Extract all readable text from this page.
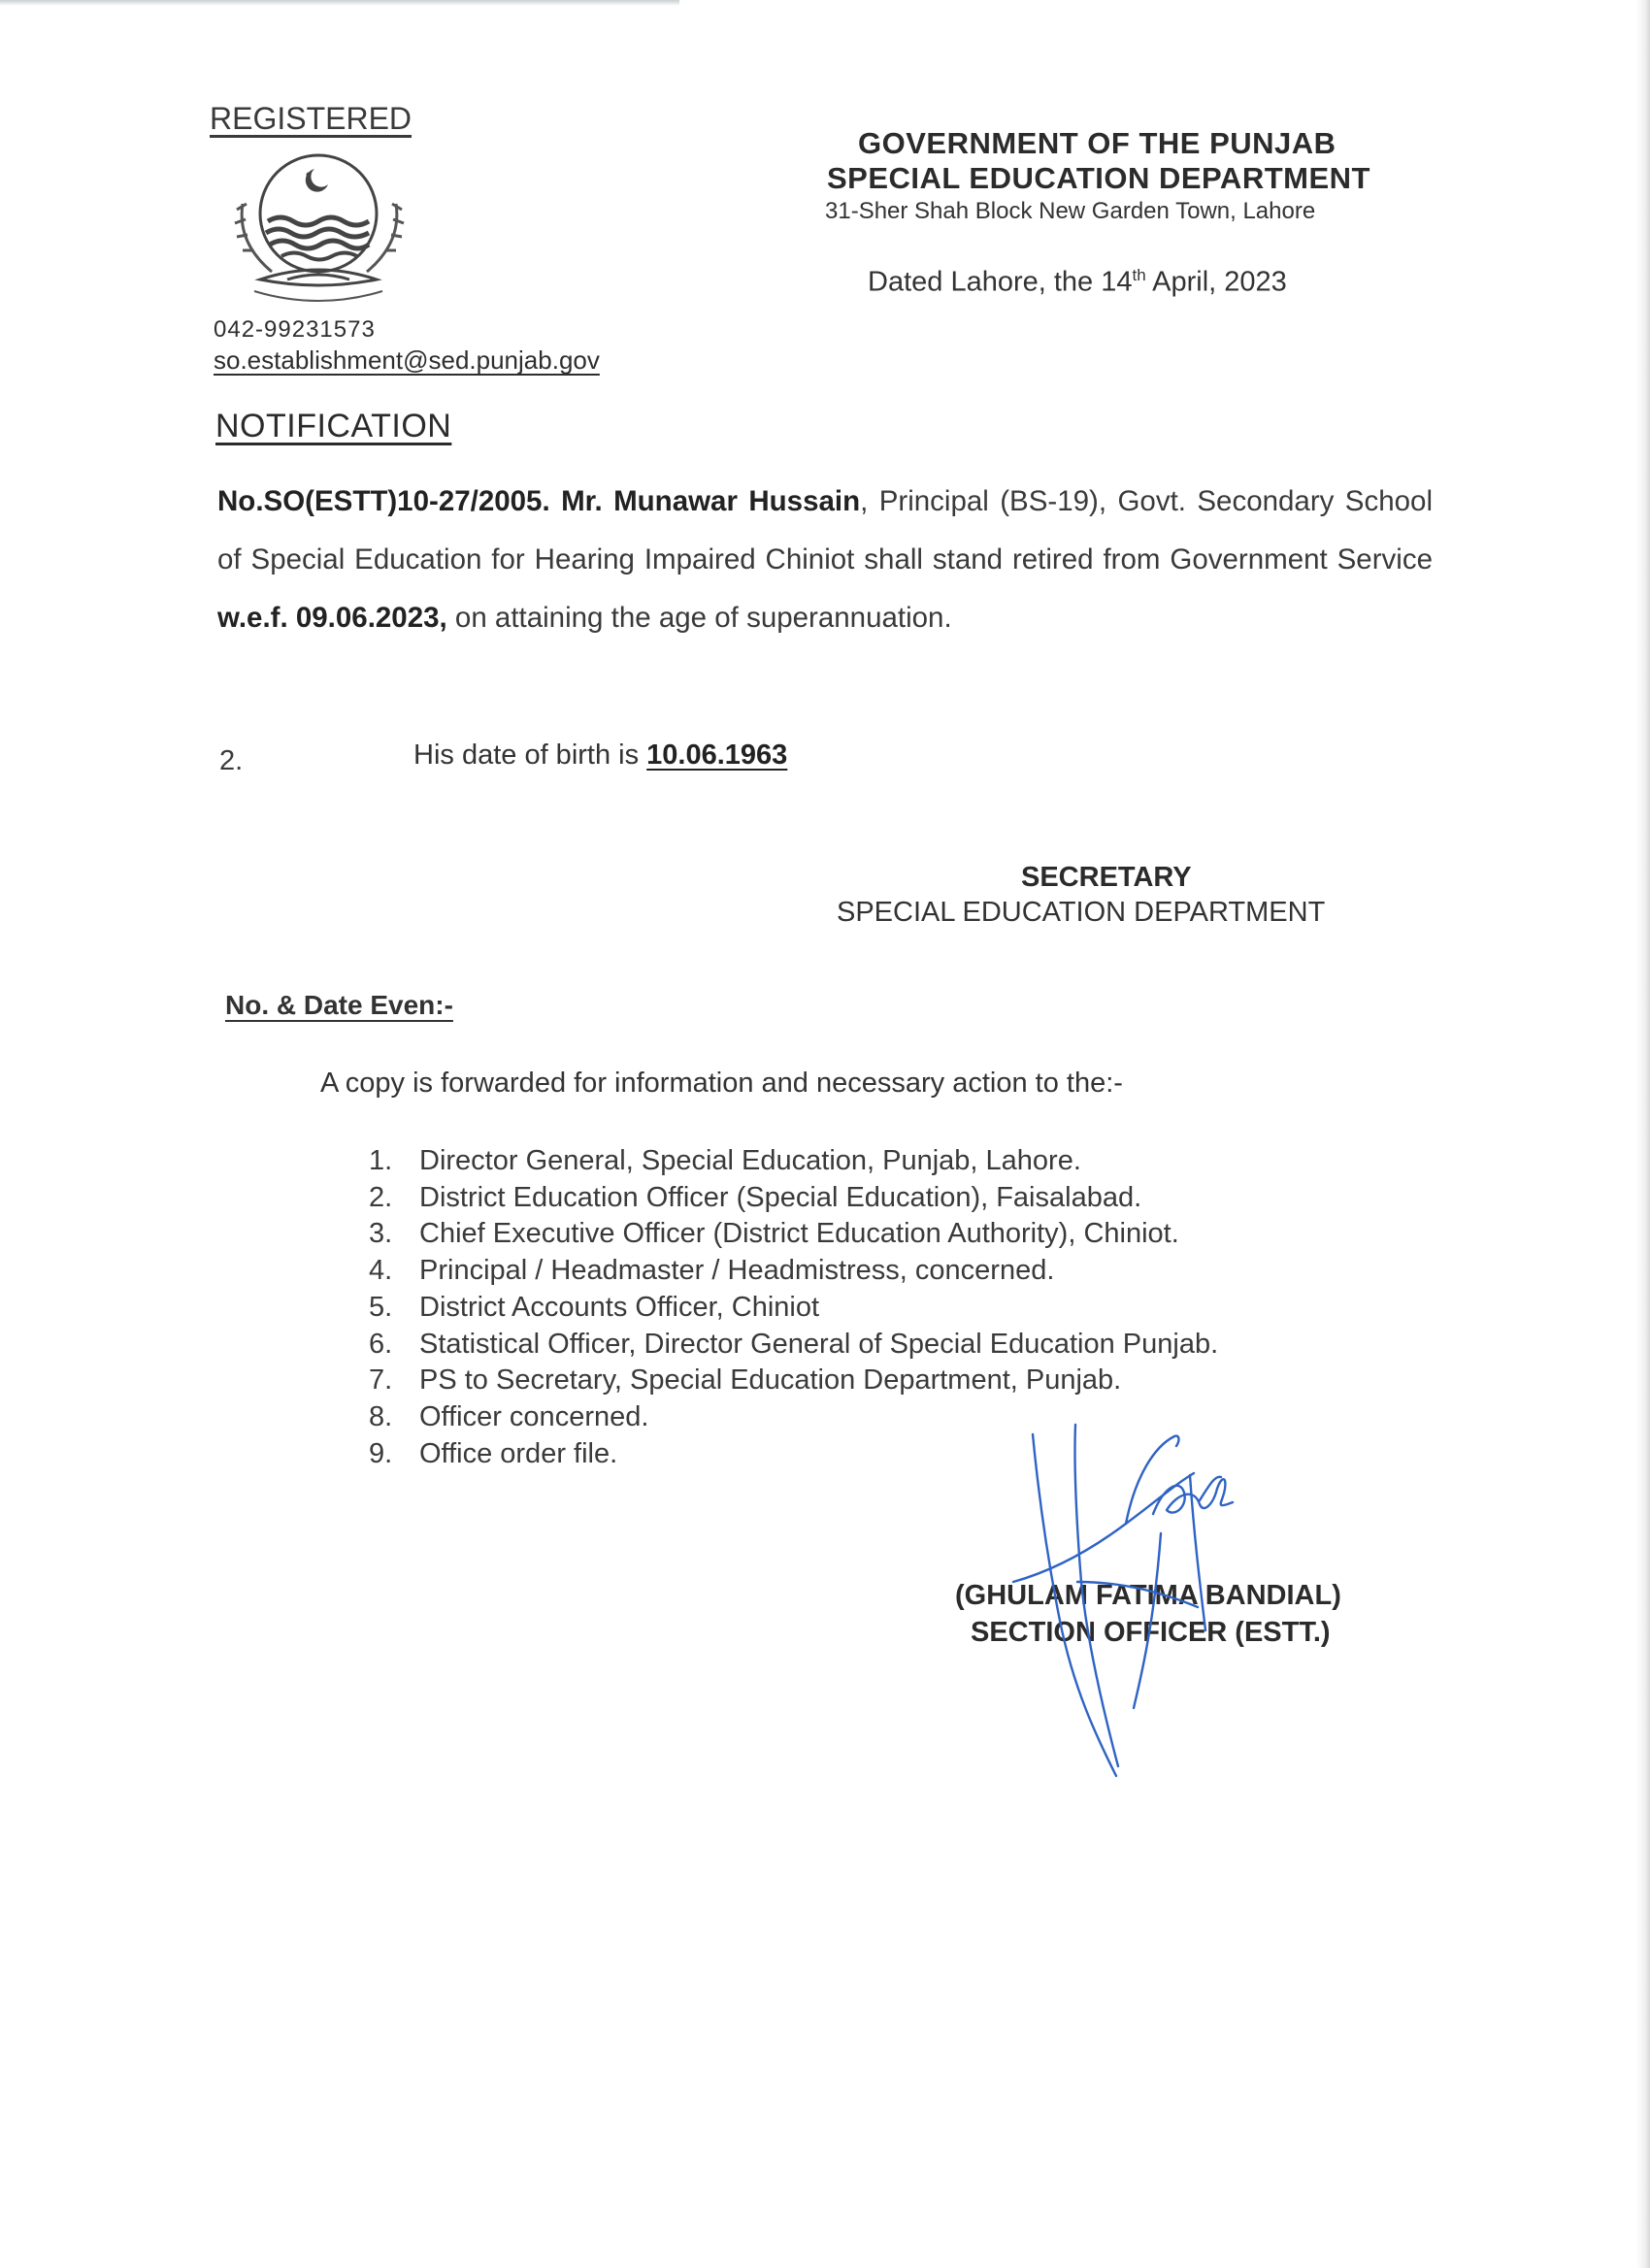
REGISTERED
042-99231573
so.establishment@sed.punjab.gov
GOVERNMENT OF THE PUNJAB
SPECIAL EDUCATION DEPARTMENT
31-Sher Shah Block New Garden Town, Lahore
Dated Lahore, the 14th April, 2023
NOTIFICATION
No.SO(ESTT)10-27/2005. Mr. Munawar Hussain, Principal (BS-19), Govt. Secondary School of Special Education for Hearing Impaired Chiniot shall stand retired from Government Service w.e.f. 09.06.2023, on attaining the age of superannuation.
2.	His date of birth is 10.06.1963
SECRETARY
SPECIAL EDUCATION DEPARTMENT
No. & Date Even:-
A copy is forwarded for information and necessary action to the:-
1. Director General, Special Education, Punjab, Lahore.
2. District Education Officer (Special Education), Faisalabad.
3. Chief Executive Officer (District Education Authority), Chiniot.
4. Principal / Headmaster / Headmistress, concerned.
5. District Accounts Officer, Chiniot
6. Statistical Officer, Director General of Special Education Punjab.
7. PS to Secretary, Special Education Department, Punjab.
8. Officer concerned.
9. Office order file.
(GHULAM FATIMA BANDIAL)
SECTION OFFICER (ESTT.)
